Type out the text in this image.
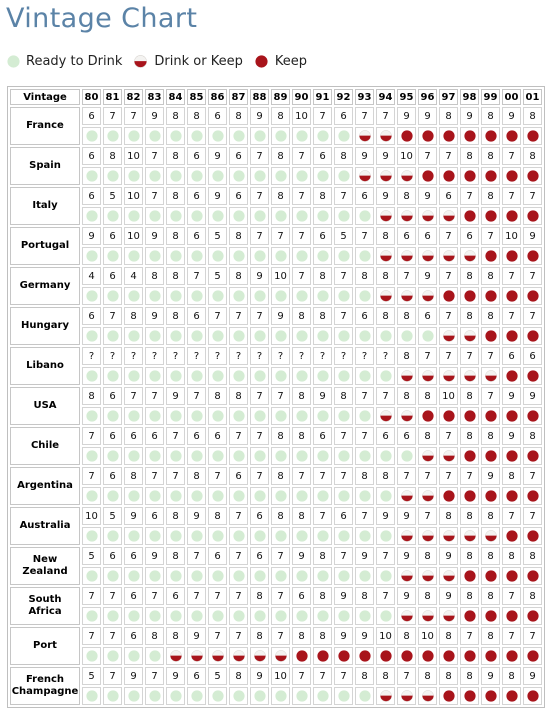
Vintage Chart
Ready to Drink Drink or Keep Keep
Vintage	80	81	82	83	84	85	86	87	88	89	90	91	92	93	94	95	96	97	98	99	00	01

France	6	7	7	9	8	8	6	8	9	8	10	7	6	7	7	9	9	8	9	8	9	8

Spain	6	8	10	7	8	6	9	6	7	8	7	6	8	9	9	10	7	7	8	8	7	8

Italy	6	5	10	7	8	6	9	6	7	8	7	8	7	6	9	8	9	6	7	8	7	7

Portugal	9	6	10	9	8	6	5	8	7	7	7	6	5	7	8	6	6	7	6	7	10	9

Germany	4	6	4	8	8	7	5	8	9	10	7	8	7	8	8	7	9	7	8	8	7	7

Hungary	6	7	8	9	8	6	7	7	7	9	8	8	7	6	8	8	6	7	8	8	7	7

Libano	?	?	?	?	?	?	?	?	?	?	?	?	?	?	?	8	7	7	7	7	6	6

USA	8	6	7	7	9	7	8	8	7	7	8	9	8	7	7	8	8	10	8	7	9	9

Chile	7	6	6	6	7	6	6	7	7	8	8	6	7	7	6	6	8	7	8	8	9	8

Argentina	7	6	8	7	7	8	7	6	7	8	7	7	7	8	8	7	7	7	7	9	8	7

Australia	10	5	9	6	8	9	8	7	6	8	8	7	6	7	9	9	7	8	8	8	7	7

New
Zealand	5	6	6	9	8	7	6	7	6	7	9	8	7	9	7	9	8	9	8	8	8	8

South
Africa	7	7	6	7	6	7	7	7	8	7	6	8	9	8	7	9	8	9	8	8	7	8

Port	7	7	6	8	8	9	7	7	8	7	8	8	9	9	10	8	10	8	7	8	7	7

French
Champagne	5	7	9	7	9	6	5	8	9	10	7	7	7	8	8	7	8	8	8	9	8	9
